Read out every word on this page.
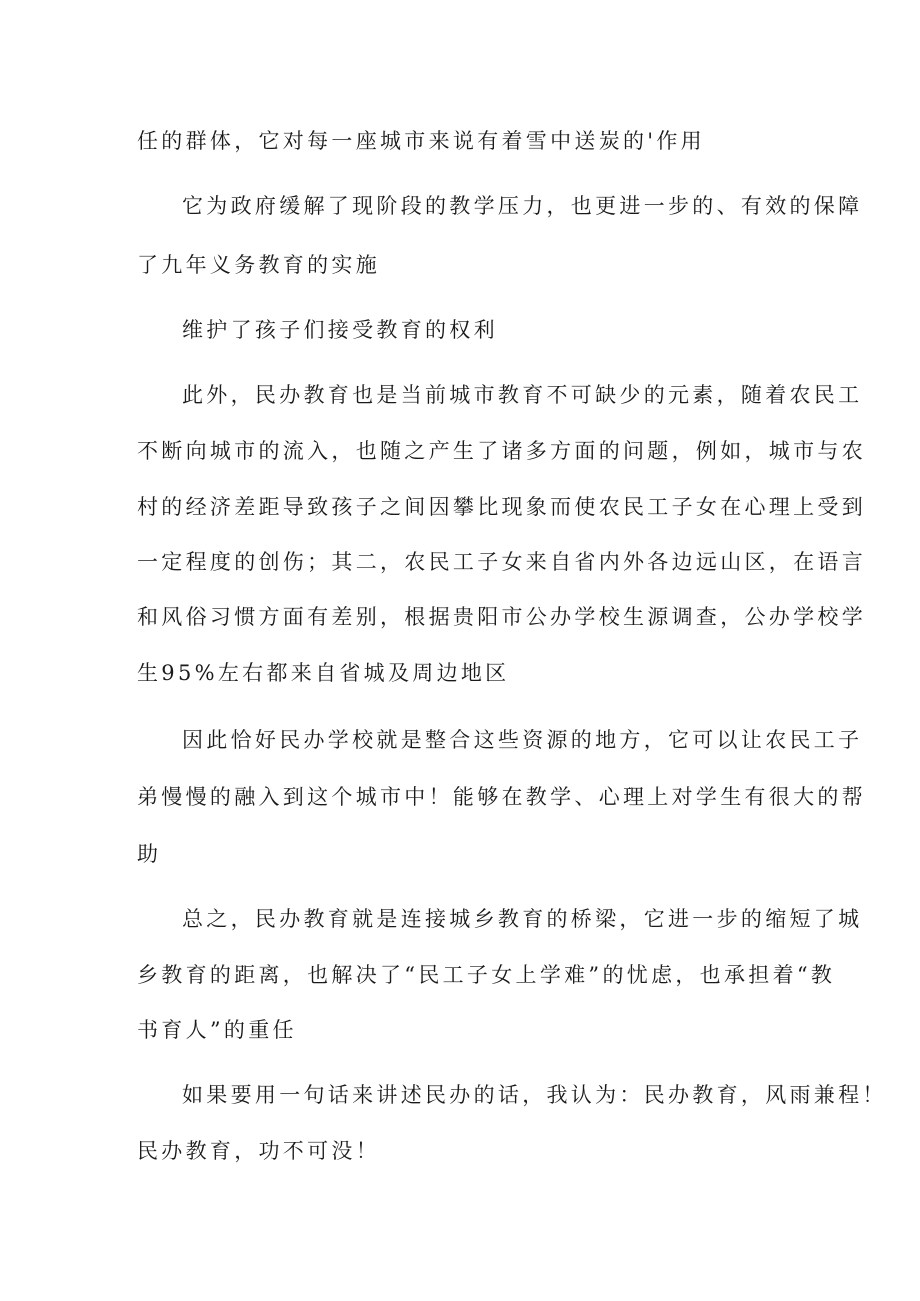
任的群体，它对每一座城市来说有着雪中送炭的'作用

它为政府缓解了现阶段的教学压力，也更进一步的、有效的保障

了九年义务教育的实施

维护了孩子们接受教育的权利

此外，民办教育也是当前城市教育不可缺少的元素，随着农民工

不断向城市的流入，也随之产生了诸多方面的问题，例如，城市与农

村的经济差距导致孩子之间因攀比现象而使农民工子女在心理上受到

一定程度的创伤；其二，农民工子女来自省内外各边远山区，在语言

和风俗习惯方面有差别，根据贵阳市公办学校生源调查，公办学校学

生95%左右都来自省城及周边地区

因此恰好民办学校就是整合这些资源的地方，它可以让农民工子

弟慢慢的融入到这个城市中！能够在教学、心理上对学生有很大的帮

助

总之，民办教育就是连接城乡教育的桥梁，它进一步的缩短了城

乡教育的距离，也解决了“民工子女上学难”的忧虑，也承担着“教

书育人”的重任

如果要用一句话来讲述民办的话，我认为：民办教育，风雨兼程！

民办教育，功不可没！
